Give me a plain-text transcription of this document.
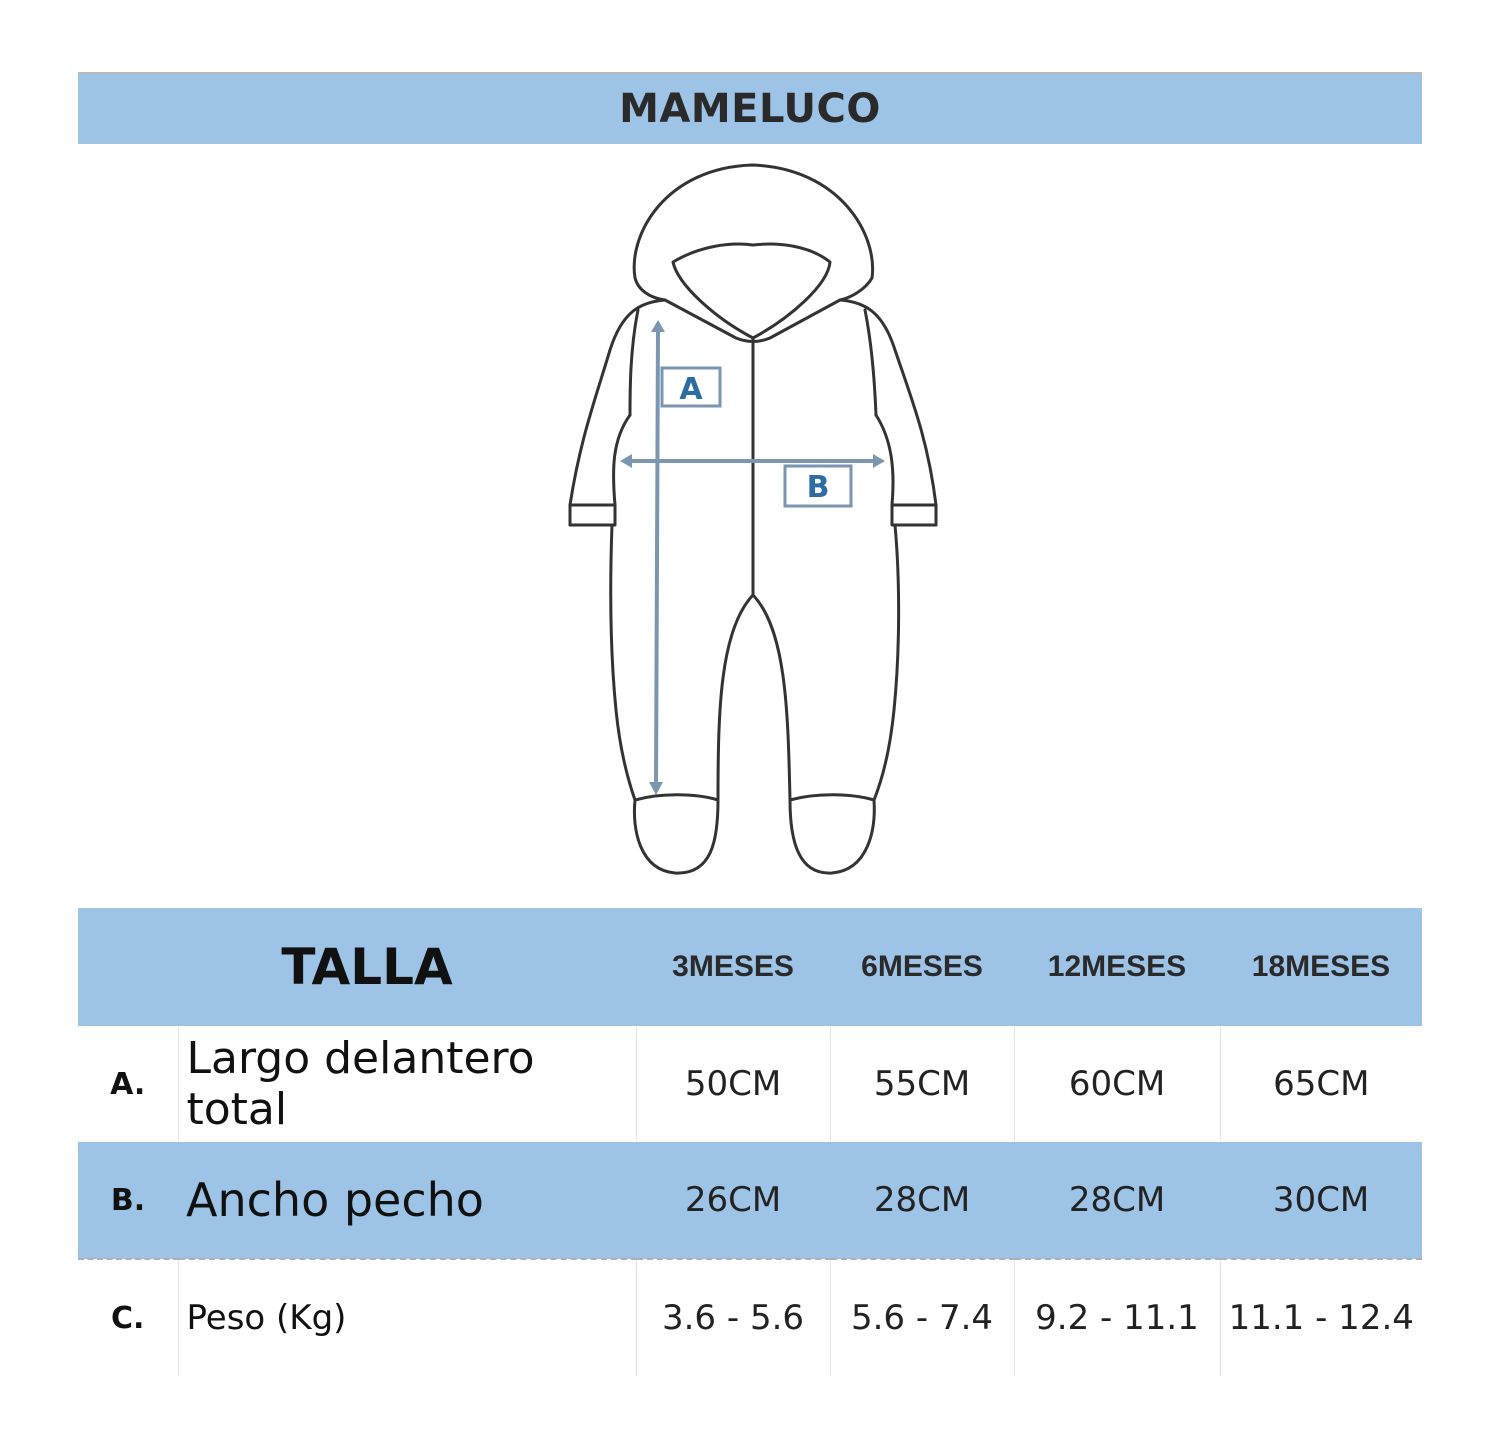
MAMELUCO
A
B
TALLA		3MESES	6MESES	12MESES	18MESES
A.	Largo delantero total	50CM	55CM	60CM	65CM
B.	Ancho pecho	26CM	28CM	28CM	30CM
C.	Peso (Kg)	3.6 - 5.6	5.6 - 7.4	9.2 - 11.1	11.1 - 12.4
